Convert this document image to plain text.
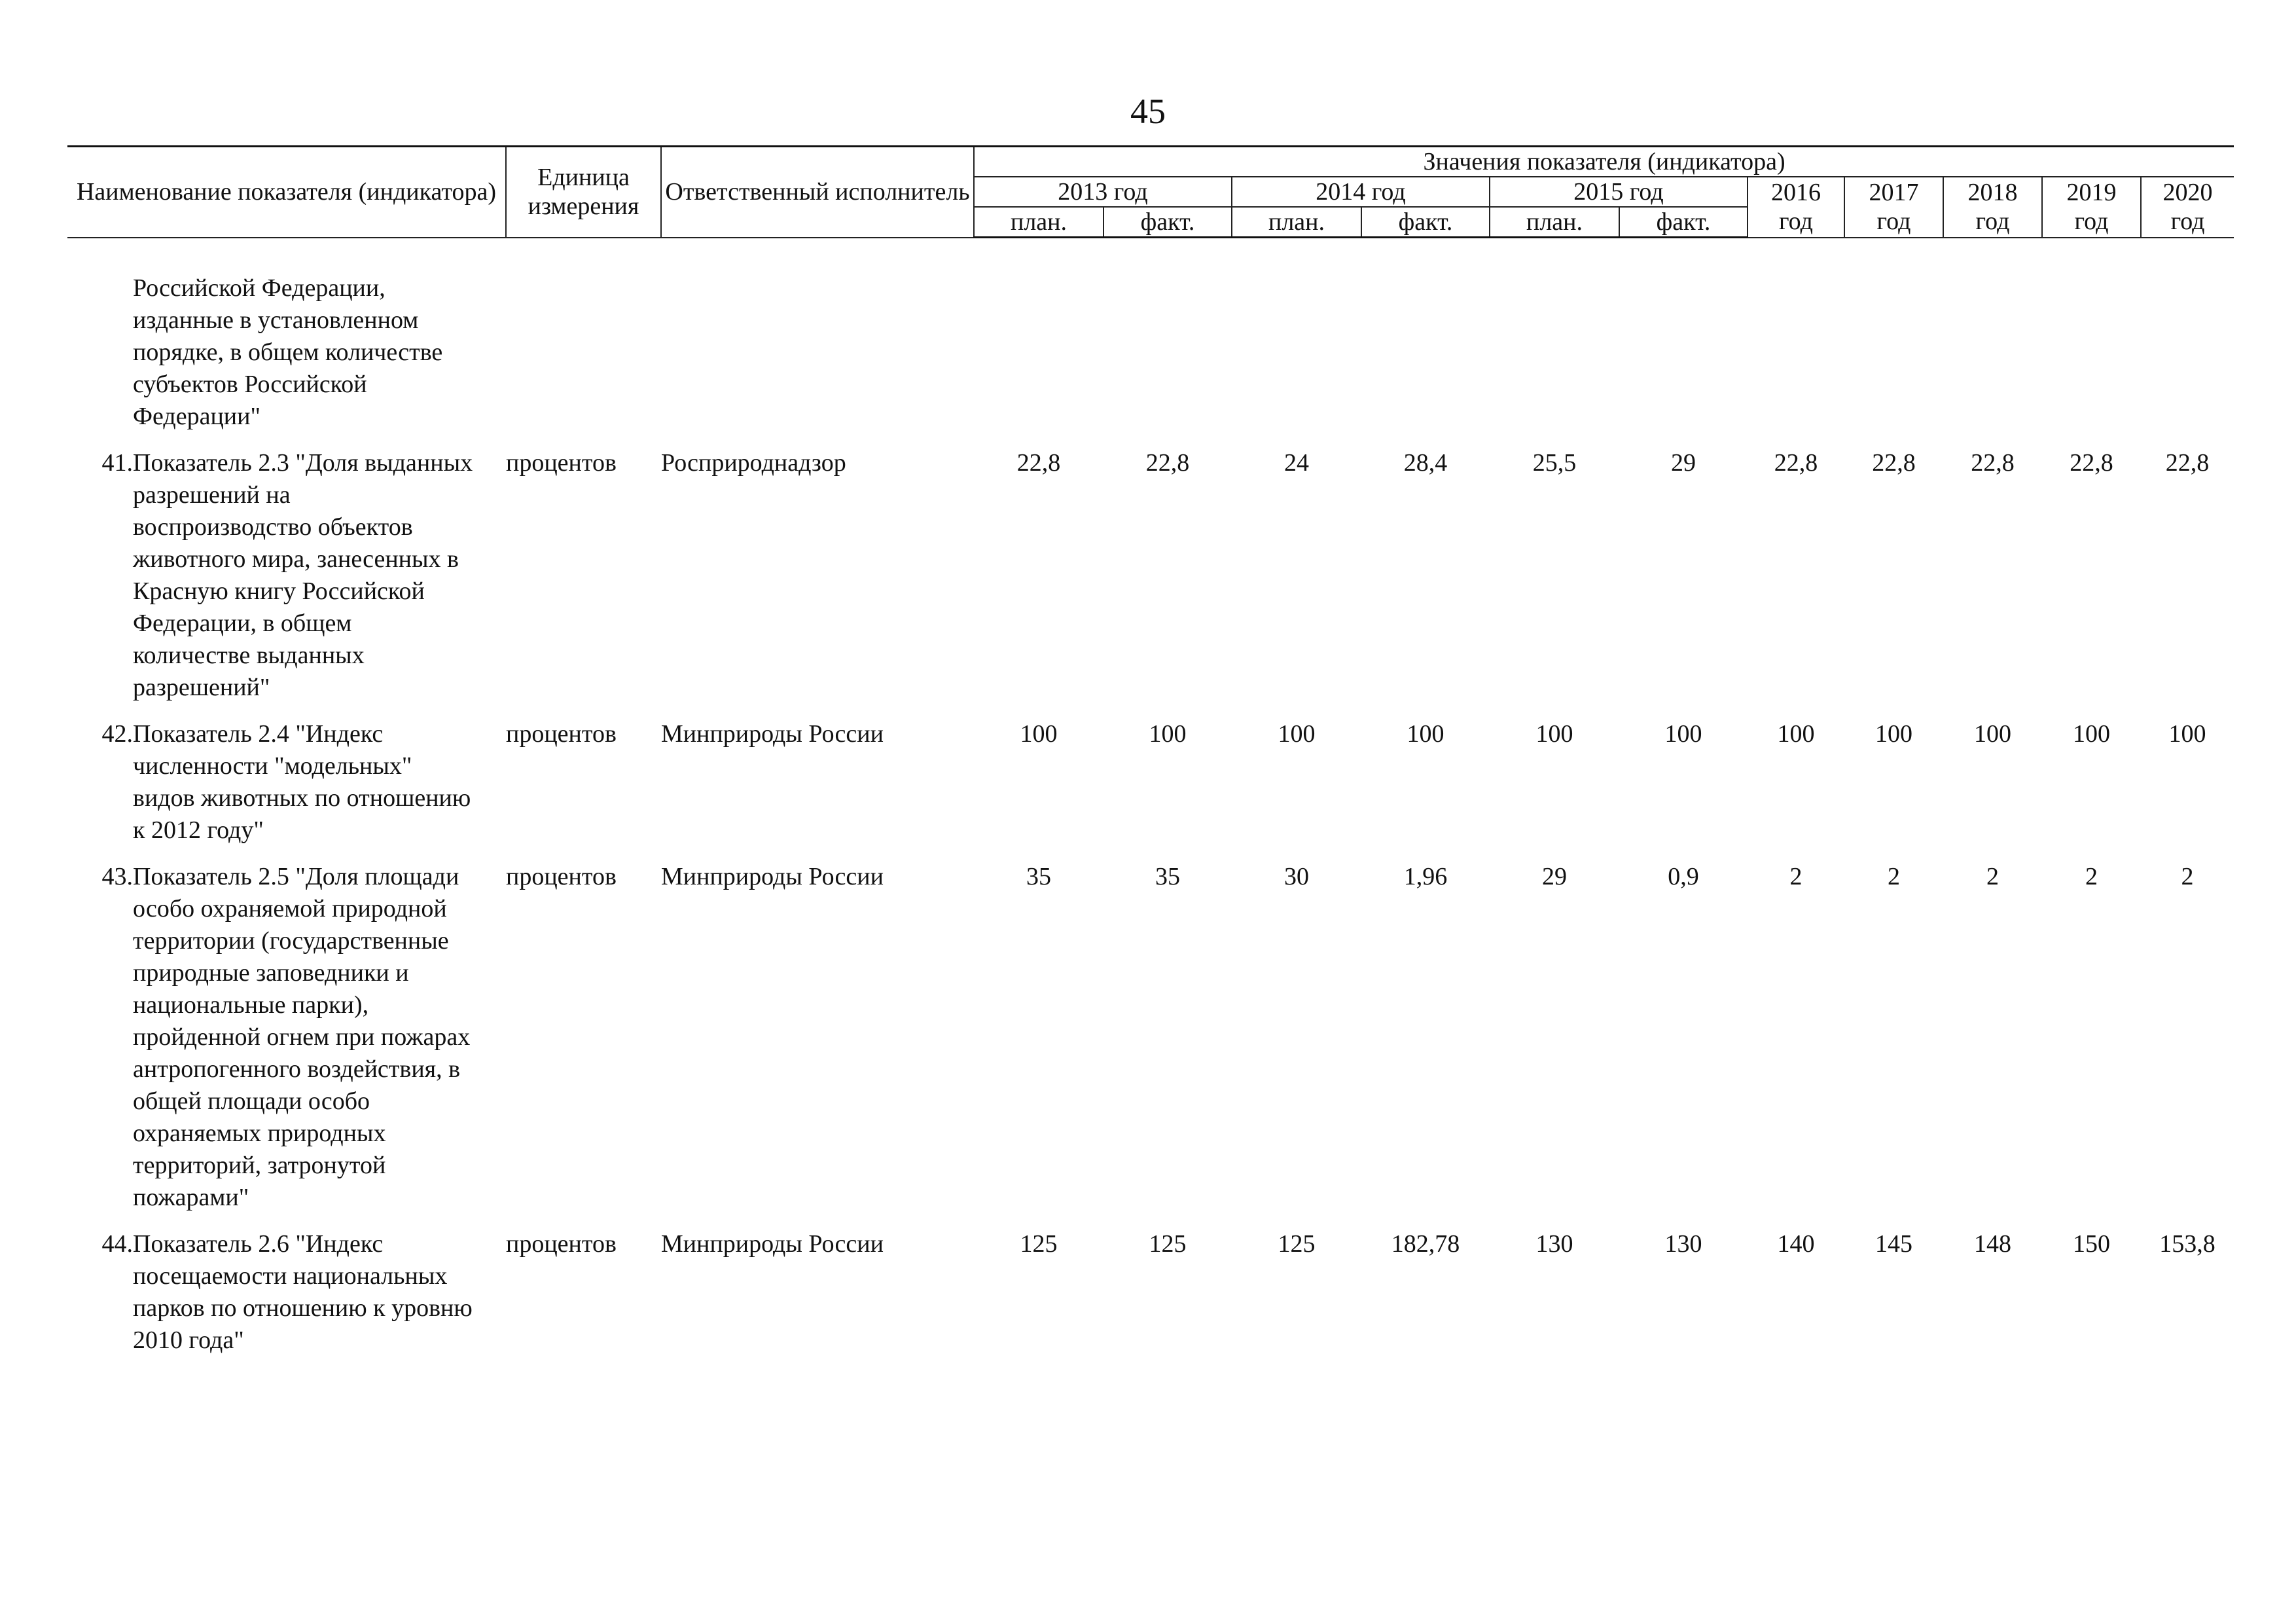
45
Наименование показателя (индикатора)		Единица измерения	Ответственный исполнитель	Значения показателя (индикатора)										
				2013 год		2014 год		2015 год		2016
год	2017
год	2018
год	2019
год	2020
год
				план.	факт.	план.	факт.	план.	факт.					

	Российской Федерации, изданные в установленном порядке, в общем количестве субъектов Российской Федерации"													

41.	Показатель 2.3 "Доля выданных разрешений на воспроизводство объектов животного мира, занесенных в Красную книгу Российской Федерации, в общем количестве выданных разрешений"	процентов	Росприроднадзор	22,8	22,8	24	28,4	25,5	29	22,8	22,8	22,8	22,8	22,8
42.	Показатель 2.4 "Индекс численности "модельных" видов животных по отношению к 2012 году"	процентов	Минприроды России	100	100	100	100	100	100	100	100	100	100	100
43.	Показатель 2.5 "Доля площади особо охраняемой природной территории (государственные природные заповедники и национальные парки), пройденной огнем при пожарах антропогенного воздействия, в общей площади особо охраняемых природных территорий, затронутой пожарами"	процентов	Минприроды России	35	35	30	1,96	29	0,9	2	2	2	2	2
44.	Показатель 2.6 "Индекс посещаемости национальных парков по отношению к уровню 2010 года"	процентов	Минприроды России	125	125	125	182,78	130	130	140	145	148	150	153,8
